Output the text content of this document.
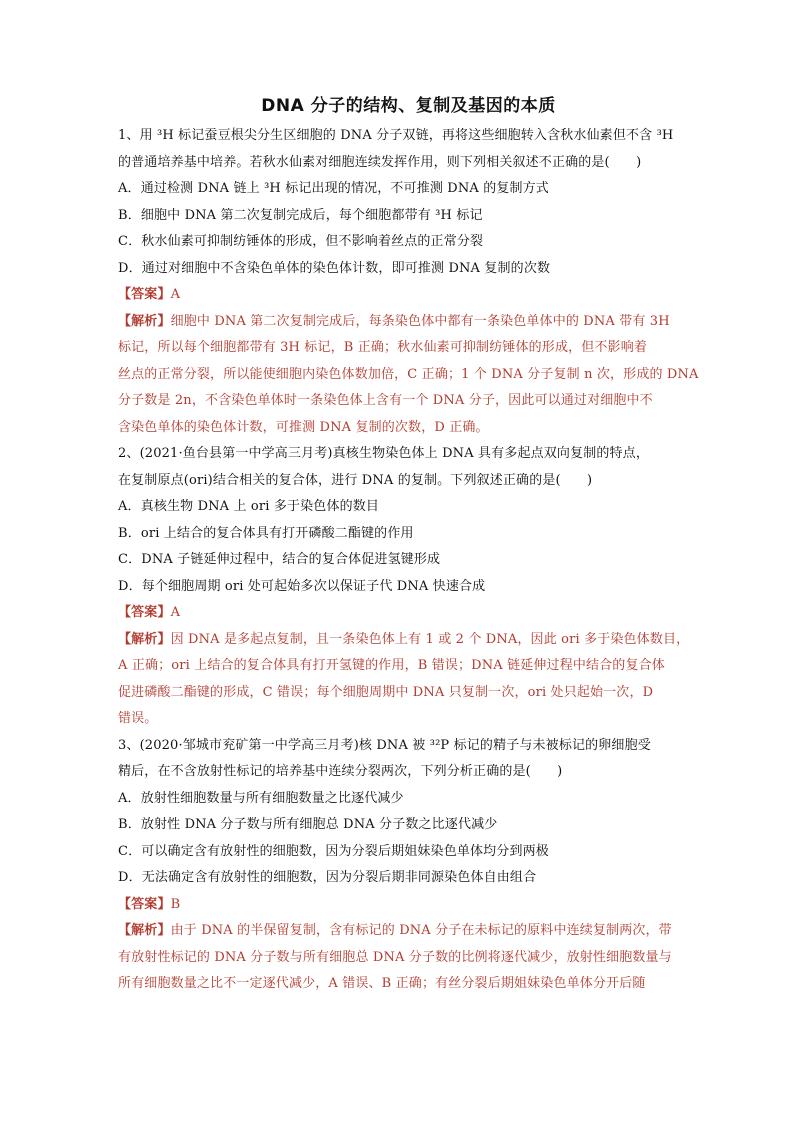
DNA 分子的结构、复制及基因的本质
1、用 ³H 标记蚕豆根尖分生区细胞的 DNA 分子双链，再将这些细胞转入含秋水仙素但不含 ³H
的普通培养基中培养。若秋水仙素对细胞连续发挥作用，则下列相关叙述不正确的是(　　)
A．通过检测 DNA 链上 ³H 标记出现的情况，不可推测 DNA 的复制方式
B．细胞中 DNA 第二次复制完成后，每个细胞都带有 ³H 标记
C．秋水仙素可抑制纺锤体的形成，但不影响着丝点的正常分裂
D．通过对细胞中不含染色单体的染色体计数，即可推测 DNA 复制的次数
【答案】A
【解析】细胞中 DNA 第二次复制完成后，每条染色体中都有一条染色单体中的 DNA 带有 3H
标记，所以每个细胞都带有 3H 标记，B 正确；秋水仙素可抑制纺锤体的形成，但不影响着
丝点的正常分裂，所以能使细胞内染色体数加倍，C 正确；1 个 DNA 分子复制 n 次，形成的 DNA
分子数是 2n，不含染色单体时一条染色体上含有一个 DNA 分子，因此可以通过对细胞中不
含染色单体的染色体计数，可推测 DNA 复制的次数，D 正确。
2、(2021·鱼台县第一中学高三月考)真核生物染色体上 DNA 具有多起点双向复制的特点，
在复制原点(ori)结合相关的复合体，进行 DNA 的复制。下列叙述正确的是(　　)
A．真核生物 DNA 上 ori 多于染色体的数目
B．ori 上结合的复合体具有打开磷酸二酯键的作用
C．DNA 子链延伸过程中，结合的复合体促进氢键形成
D．每个细胞周期 ori 处可起始多次以保证子代 DNA 快速合成
【答案】A
【解析】因 DNA 是多起点复制，且一条染色体上有 1 或 2 个 DNA，因此 ori 多于染色体数目，
A 正确；ori 上结合的复合体具有打开氢键的作用，B 错误；DNA 链延伸过程中结合的复合体
促进磷酸二酯键的形成，C 错误；每个细胞周期中 DNA 只复制一次，ori 处只起始一次，D
错误。
3、(2020·邹城市兖矿第一中学高三月考)核 DNA 被 ³²P 标记的精子与未被标记的卵细胞受
精后，在不含放射性标记的培养基中连续分裂两次，下列分析正确的是(　　)
A．放射性细胞数量与所有细胞数量之比逐代减少
B．放射性 DNA 分子数与所有细胞总 DNA 分子数之比逐代减少
C．可以确定含有放射性的细胞数，因为分裂后期姐妹染色单体均分到两极
D．无法确定含有放射性的细胞数，因为分裂后期非同源染色体自由组合
【答案】B
【解析】由于 DNA 的半保留复制，含有标记的 DNA 分子在未标记的原料中连续复制两次，带
有放射性标记的 DNA 分子数与所有细胞总 DNA 分子数的比例将逐代减少，放射性细胞数量与
所有细胞数量之比不一定逐代减少，A 错误、B 正确；有丝分裂后期姐妹染色单体分开后随
